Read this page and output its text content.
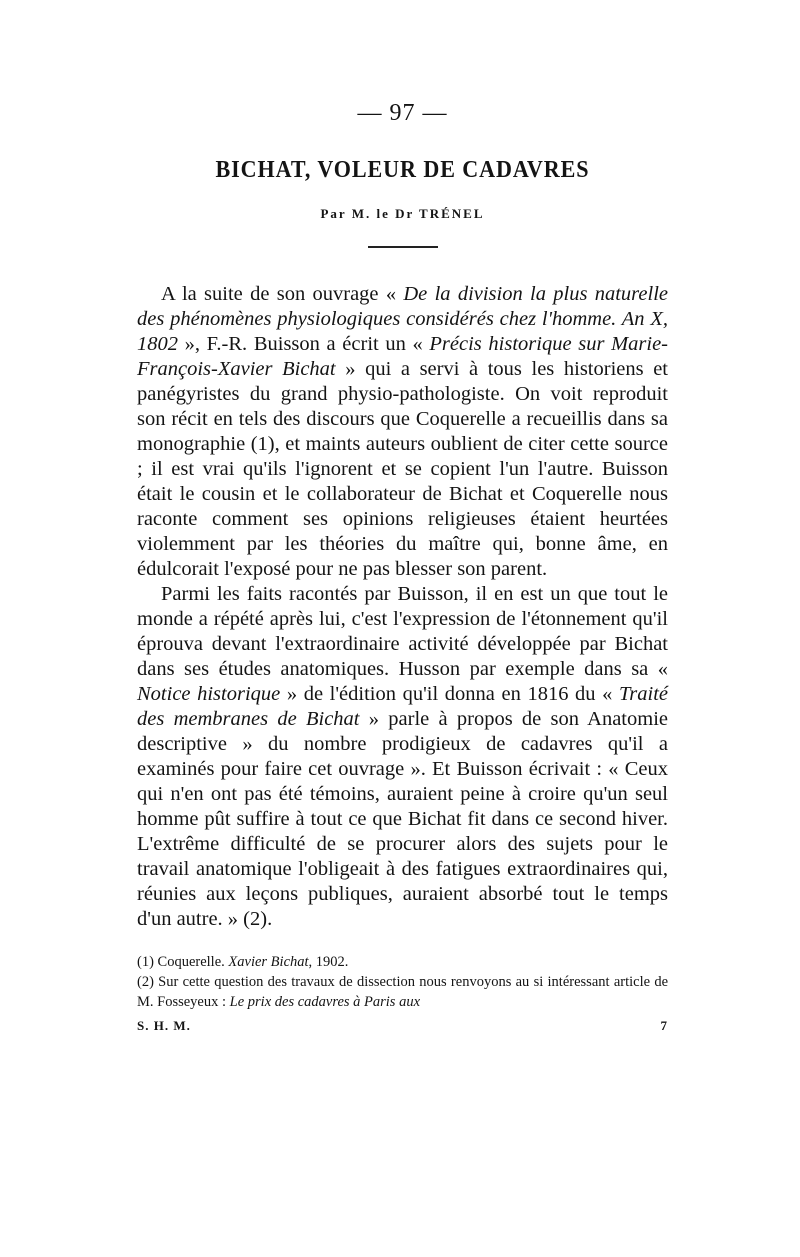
— 97 —
BICHAT, VOLEUR DE CADAVRES
Par M. le Dr TRÉNEL

A la suite de son ouvrage « De la division la plus naturelle des phénomènes physiologiques considérés chez l'homme. An X, 1802 », F.-R. Buisson a écrit un « Précis historique sur Marie-François-Xavier Bichat » qui a servi à tous les historiens et panégyristes du grand physio-pathologiste. On voit reproduit son récit en tels des discours que Coquerelle a recueillis dans sa monographie (1), et maints auteurs oublient de citer cette source ; il est vrai qu'ils l'ignorent et se copient l'un l'autre. Buisson était le cousin et le collaborateur de Bichat et Coquerelle nous raconte comment ses opinions religieuses étaient heurtées violemment par les théories du maître qui, bonne âme, en édulcorait l'exposé pour ne pas blesser son parent.

Parmi les faits racontés par Buisson, il en est un que tout le monde a répété après lui, c'est l'expression de l'étonnement qu'il éprouva devant l'extraordinaire activité développée par Bichat dans ses études anatomiques. Husson par exemple dans sa « Notice historique » de l'édition qu'il donna en 1816 du « Traité des membranes de Bichat » parle à propos de son Anatomie descriptive » du nombre prodigieux de cadavres qu'il a examinés pour faire cet ouvrage ». Et Buisson écrivait : « Ceux qui n'en ont pas été témoins, auraient peine à croire qu'un seul homme pût suffire à tout ce que Bichat fit dans ce second hiver. L'extrême difficulté de se procurer alors des sujets pour le travail anatomique l'obligeait à des fatigues extraordinaires qui, réunies aux leçons publiques, auraient absorbé tout le temps d'un autre. » (2).

(1) Coquerelle. Xavier Bichat, 1902.
(2) Sur cette question des travaux de dissection nous renvoyons au si intéressant article de M. Fosseyeux : Le prix des cadavres à Paris aux
S. H. M.	7
